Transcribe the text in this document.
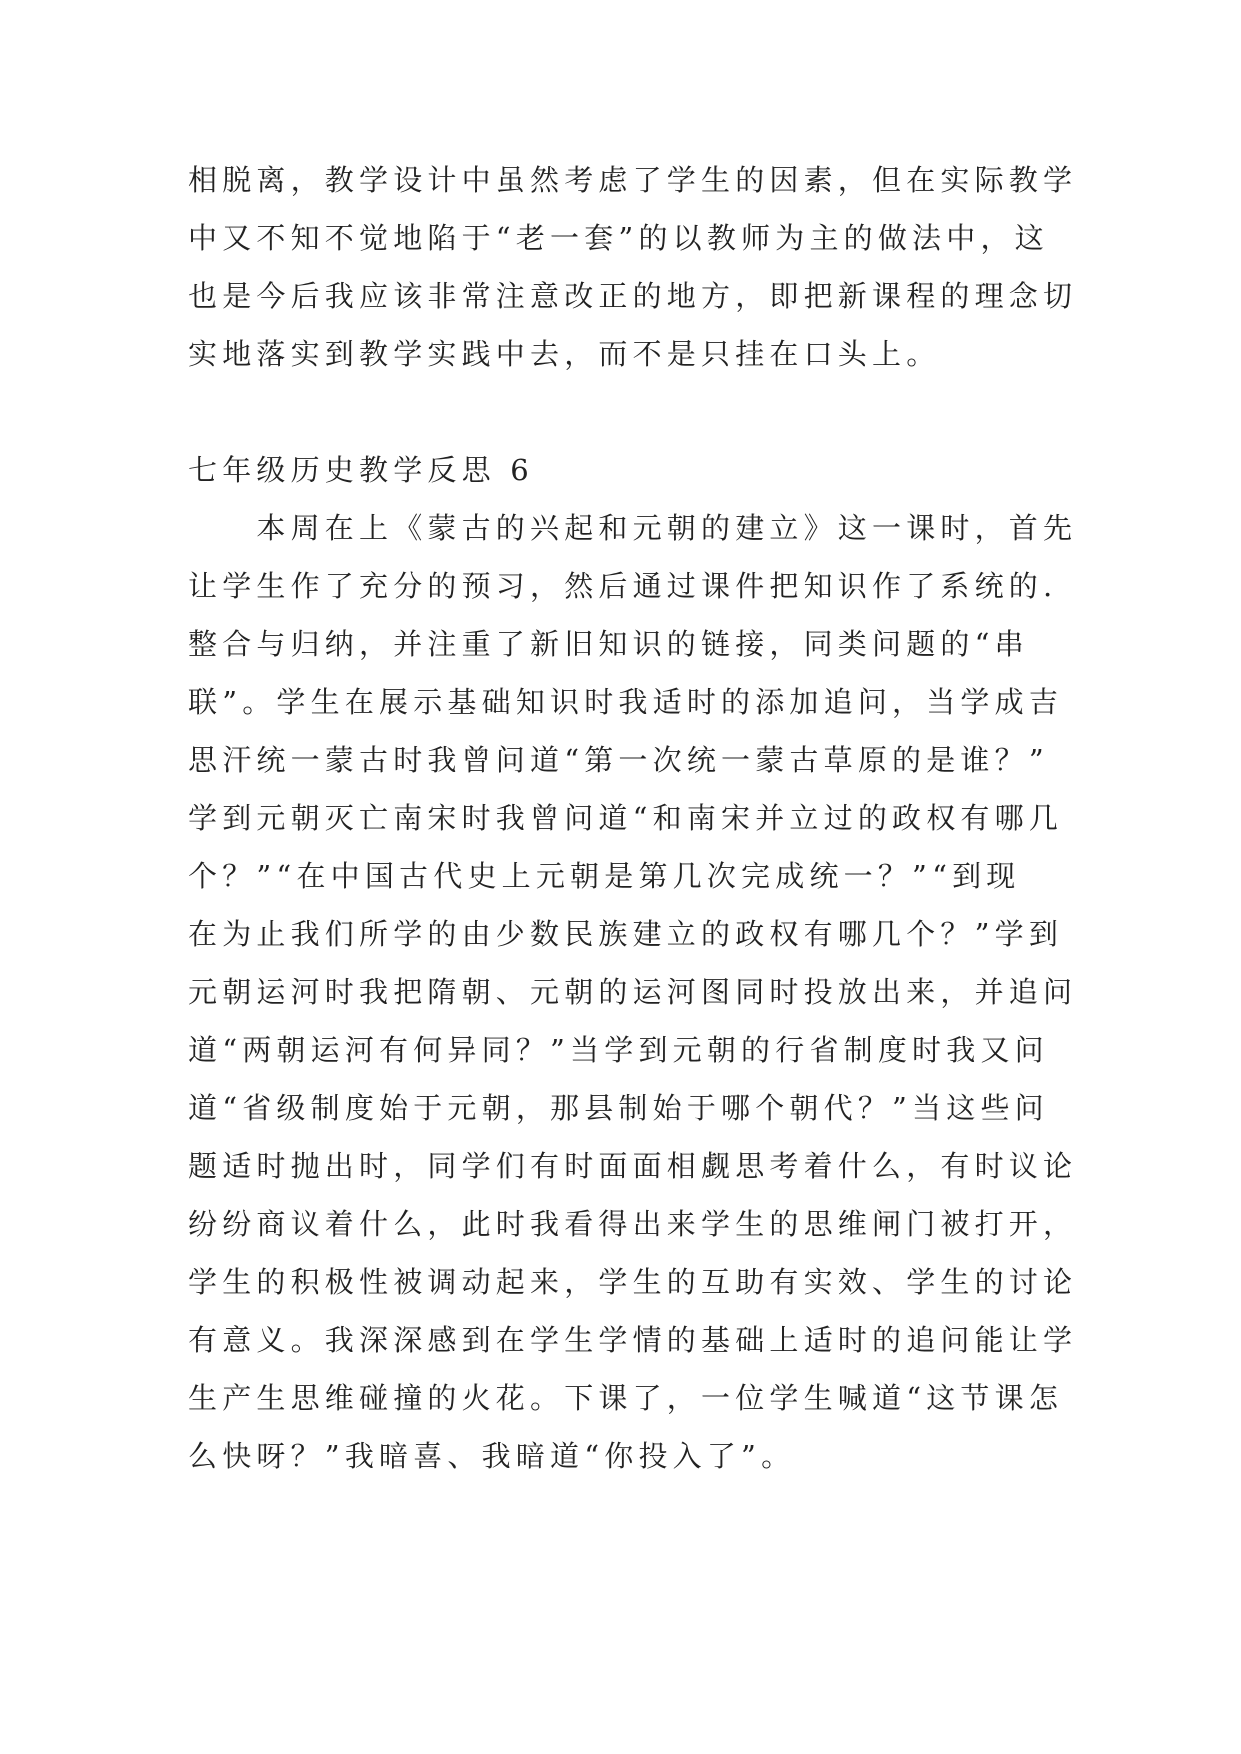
相脱离，教学设计中虽然考虑了学生的因素，但在实际教学
中又不知不觉地陷于“老一套”的以教师为主的做法中，这
也是今后我应该非常注意改正的地方，即把新课程的理念切
实地落实到教学实践中去，而不是只挂在口头上。
七年级历史教学反思 6
　　本周在上《蒙古的兴起和元朝的建立》这一课时，首先
让学生作了充分的预习，然后通过课件把知识作了系统的.
整合与归纳，并注重了新旧知识的链接，同类问题的“串
联”。学生在展示基础知识时我适时的添加追问，当学成吉
思汗统一蒙古时我曾问道“第一次统一蒙古草原的是谁？”
学到元朝灭亡南宋时我曾问道“和南宋并立过的政权有哪几
个？”“在中国古代史上元朝是第几次完成统一？”“到现
在为止我们所学的由少数民族建立的政权有哪几个？”学到
元朝运河时我把隋朝、元朝的运河图同时投放出来，并追问
道“两朝运河有何异同？”当学到元朝的行省制度时我又问
道“省级制度始于元朝，那县制始于哪个朝代？”当这些问
题适时抛出时，同学们有时面面相觑思考着什么，有时议论
纷纷商议着什么，此时我看得出来学生的思维闸门被打开，
学生的积极性被调动起来，学生的互助有实效、学生的讨论
有意义。我深深感到在学生学情的基础上适时的追问能让学
生产生思维碰撞的火花。下课了，一位学生喊道“这节课怎
么快呀？”我暗喜、我暗道“你投入了”。
